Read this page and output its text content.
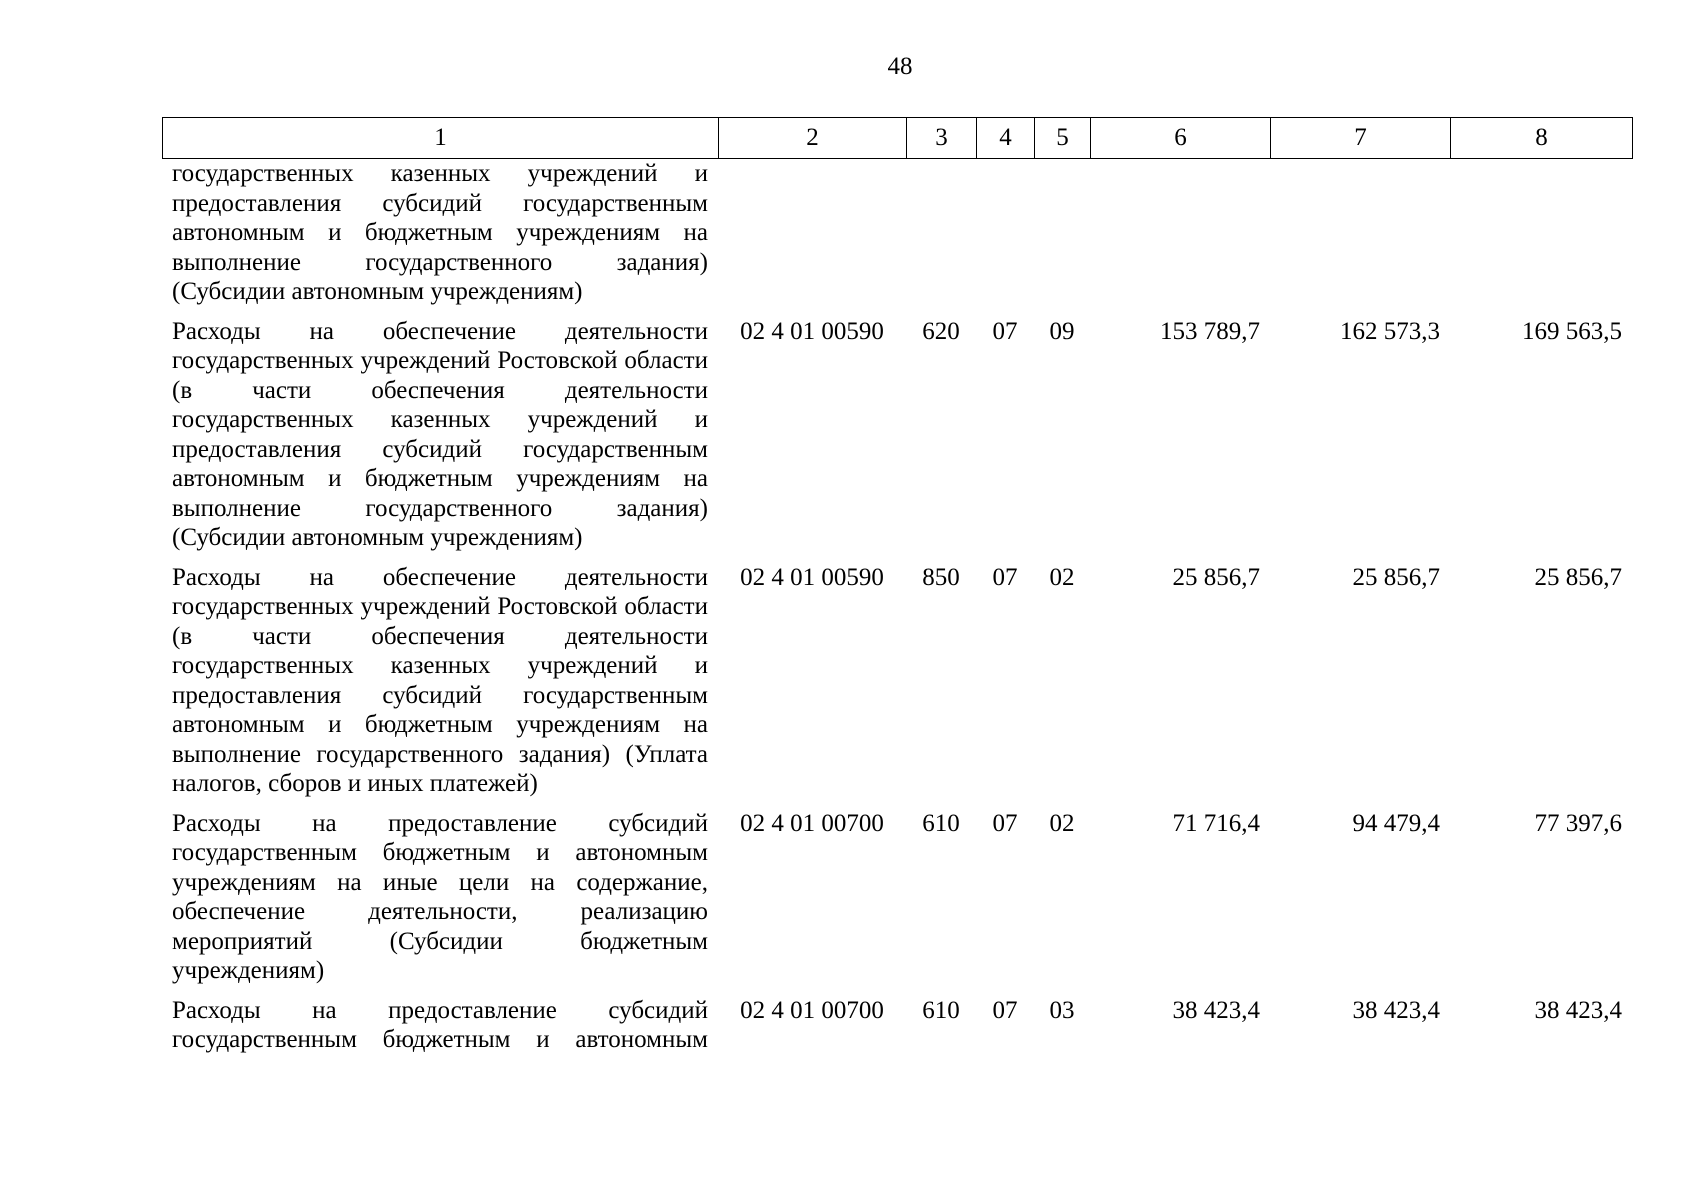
48
1	2	3	4	5	6	7	8
государственных казенных учреждений и предоставления субсидий государственным автономным и бюджетным учреждениям на выполнение государственного задания) (Субсидии автономным учреждениям)							
Расходы на обеспечение деятельности государственных учреждений Ростовской области (в части обеспечения деятельности государственных казенных учреждений и предоставления субсидий государственным автономным и бюджетным учреждениям на выполнение государственного задания) (Субсидии автономным учреждениям)	02 4 01 00590	620	07	09	153 789,7	162 573,3	169 563,5
Расходы на обеспечение деятельности государственных учреждений Ростовской области (в части обеспечения деятельности государственных казенных учреждений и предоставления субсидий государственным автономным и бюджетным учреждениям на выполнение государственного задания) (Уплата налогов, сборов и иных платежей)	02 4 01 00590	850	07	02	25 856,7	25 856,7	25 856,7
Расходы на предоставление субсидий государственным бюджетным и автономным учреждениям на иные цели на содержание, обеспечение деятельности, реализацию мероприятий (Субсидии бюджетным учреждениям)	02 4 01 00700	610	07	02	71 716,4	94 479,4	77 397,6
Расходы на предоставление субсидий государственным бюджетным и автономным	02 4 01 00700	610	07	03	38 423,4	38 423,4	38 423,4
